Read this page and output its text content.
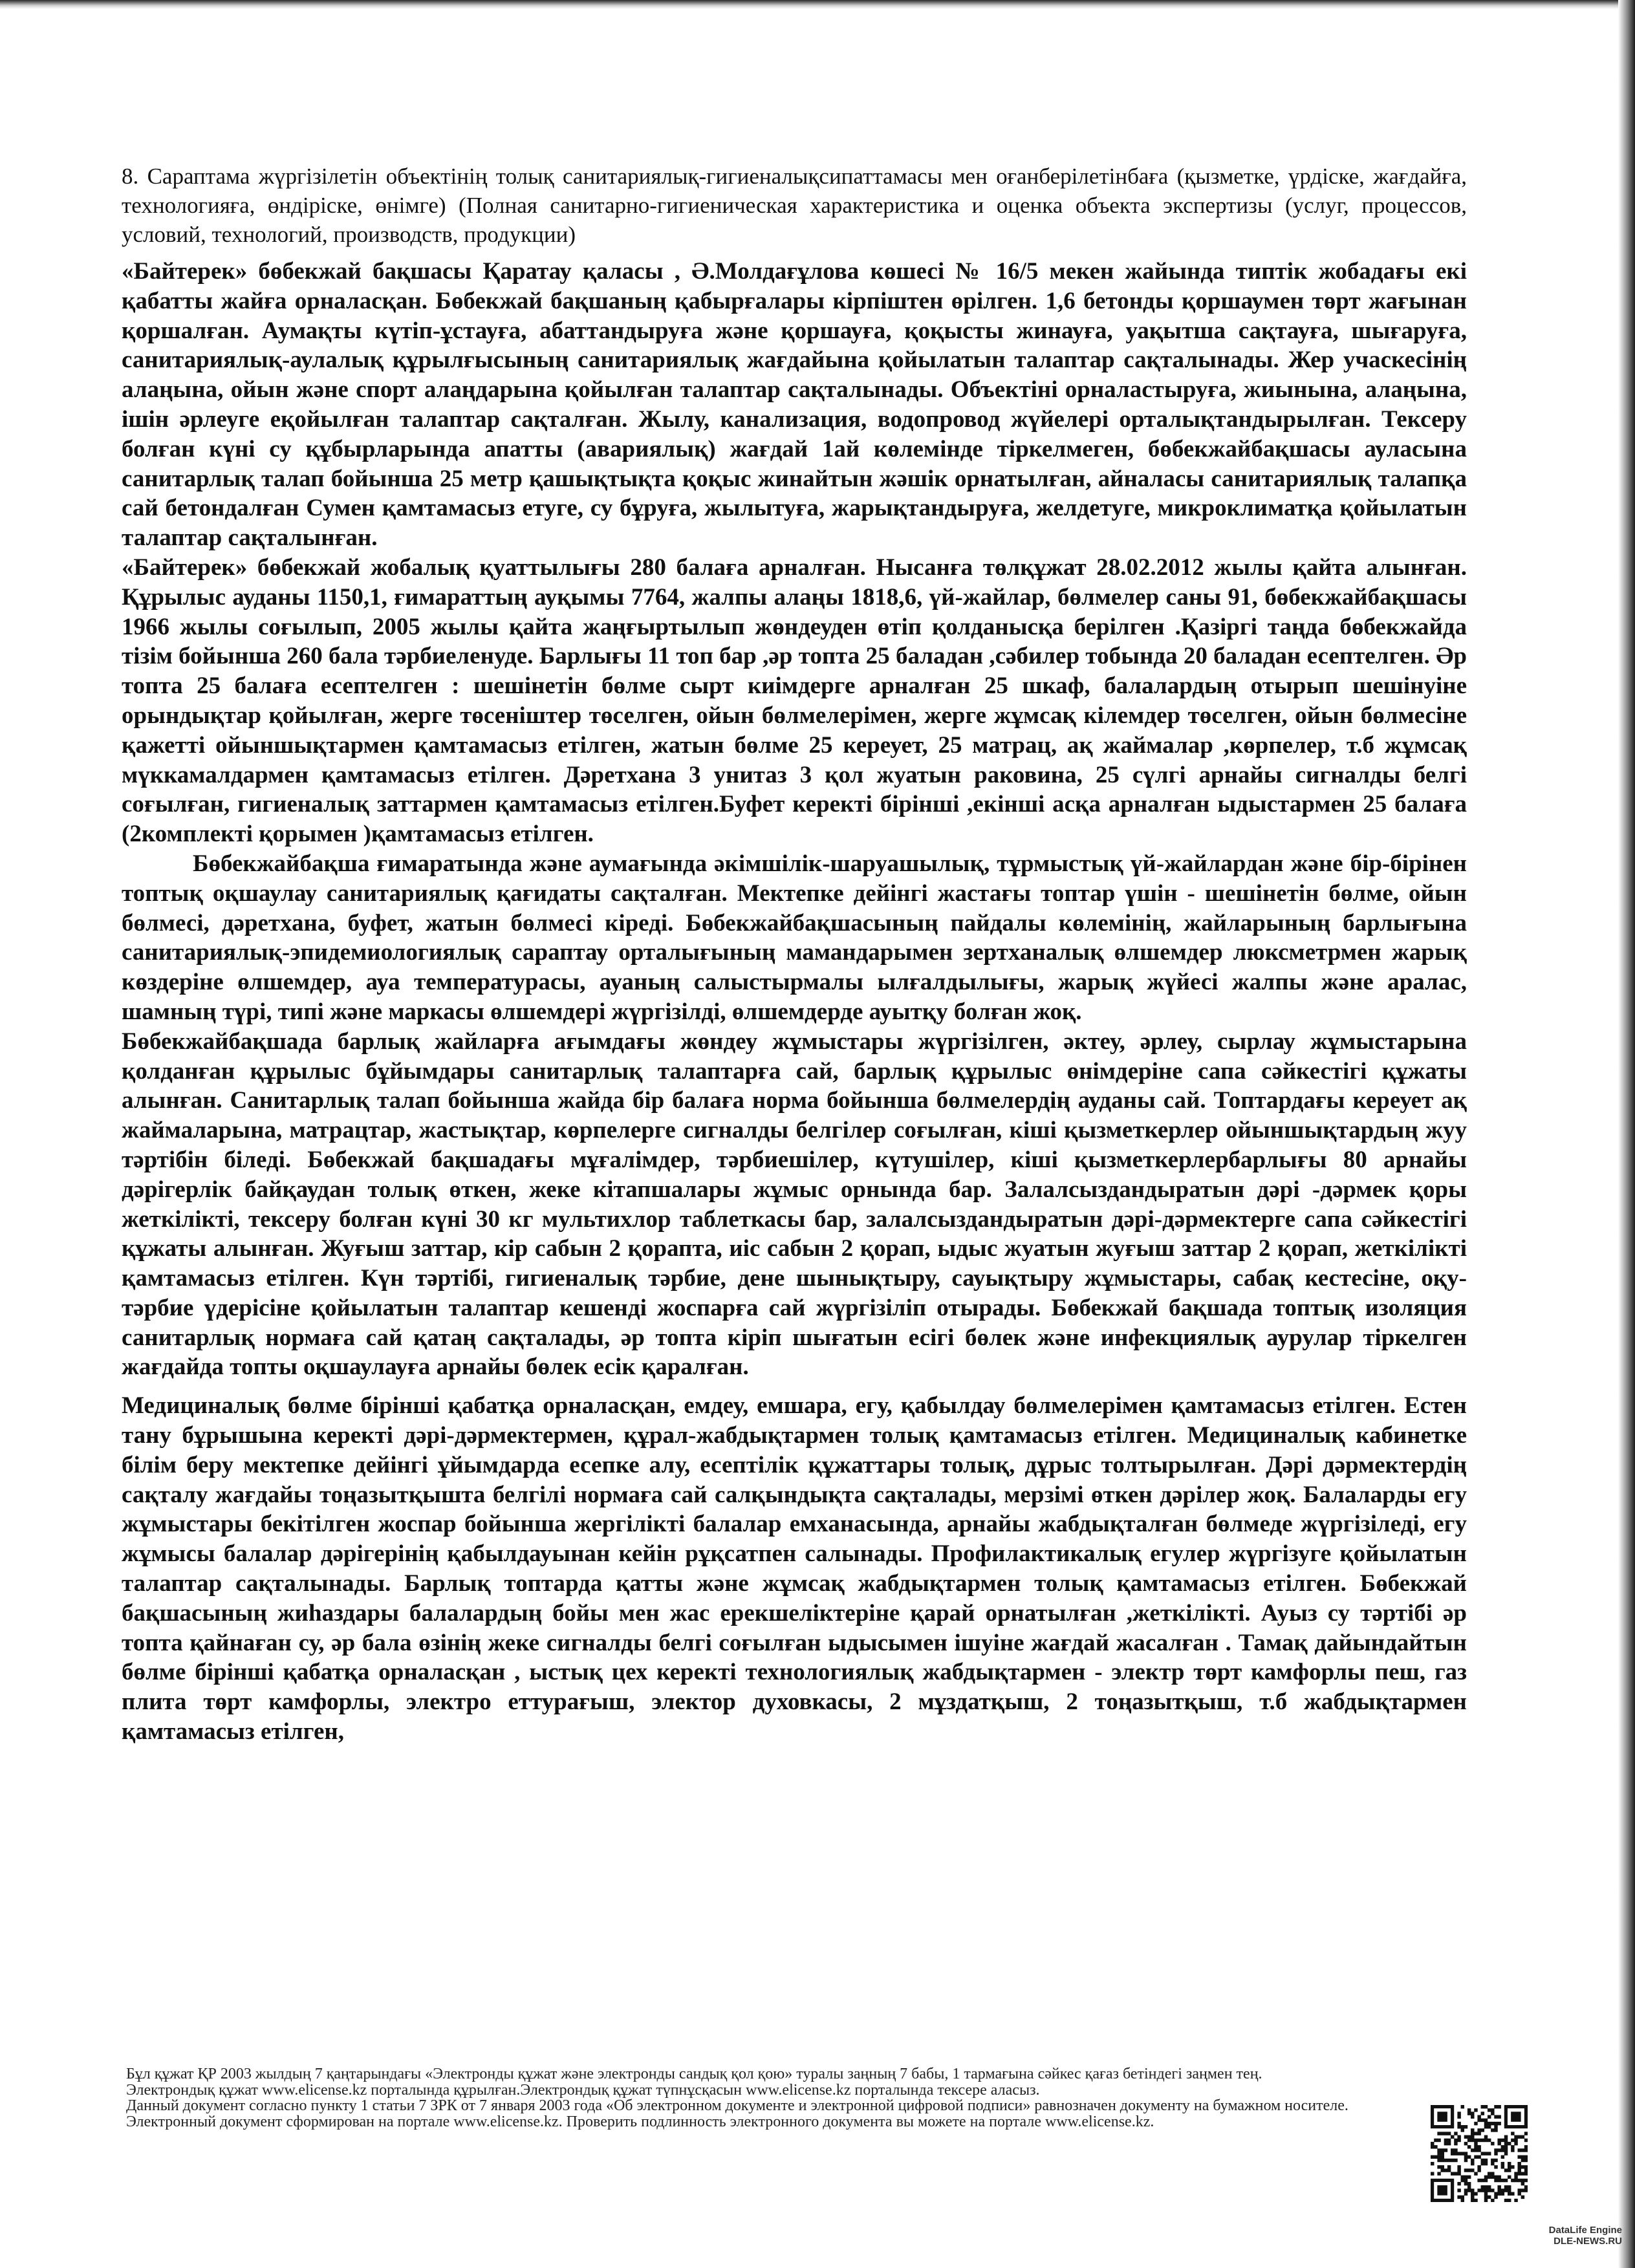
8. Сараптама жүргізілетін объектінің толық санитариялық-гигиеналықсипаттамасы мен оғанберілетінбаға (қызметке, үрдіске, жағдайға, технологияға, өндіріске, өнімге) (Полная санитарно-гигиеническая характеристика и оценка объекта экспертизы (услуг, процессов, условий, технологий, производств, продукции)

«Байтерек» бөбекжай бақшасы Қаратау қаласы , Ә.Молдағұлова көшесі № 16/5 мекен жайында типтік жобадағы екі қабатты жайға орналасқан. Бөбекжай бақшаның қабырғалары кірпіштен өрілген. 1,6 бетонды қоршаумен төрт жағынан қоршалған. Аумақты күтіп-ұстауға, абаттандыруға және қоршауға, қоқысты жинауға, уақытша сақтауға, шығаруға, санитариялық-аулалық құрылғысының санитариялық жағдайына қойылатын талаптар сақталынады. Жер учаскесінің алаңына, ойын және спорт алаңдарына қойылған талаптар сақталынады. Объектіні орналастыруға, жиынына, алаңына, ішін әрлеуге еқойылған талаптар сақталған. Жылу, канализация, водопровод жүйелері орталықтандырылған. Тексеру болған күні су құбырларында апатты (авариялық) жағдай 1ай көлемінде тіркелмеген, бөбекжайбақшасы ауласына санитарлық талап бойынша 25 метр қашықтықта қоқыс жинайтын жәшік орнатылған, айналасы санитариялық талапқа сай бетондалған Сумен қамтамасыз етуге, су бұруға, жылытуға, жарықтандыруға, желдетуге, микроклиматқа қойылатын талаптар сақталынған.

«Байтерек» бөбекжай жобалық қуаттылығы 280 балаға арналған. Нысанға төлқұжат 28.02.2012 жылы қайта алынған. Құрылыс ауданы 1150,1, ғимараттың ауқымы 7764, жалпы алаңы 1818,6, үй-жайлар, бөлмелер саны 91, бөбекжайбақшасы 1966 жылы соғылып, 2005 жылы қайта жаңғыртылып жөндеуден өтіп қолданысқа берілген .Қазіргі таңда бөбекжайда тізім бойынша 260 бала тәрбиеленуде. Барлығы 11 топ бар ,әр топта 25 баладан ,сәбилер тобында 20 баладан есептелген. Әр топта 25 балаға есептелген : шешінетін бөлме сырт киімдерге арналған 25 шкаф, балалардың отырып шешінуіне орындықтар қойылған, жерге төсеніштер төселген, ойын бөлмелерімен, жерге жұмсақ кілемдер төселген, ойын бөлмесіне қажетті ойыншықтармен қамтамасыз етілген, жатын бөлме 25 кереует, 25 матрац, ақ жаймалар ,көрпелер, т.б жұмсақ мүккамалдармен қамтамасыз етілген. Дәретхана 3 унитаз 3 қол жуатын раковина, 25 сүлгі арнайы сигналды белгі соғылған, гигиеналық заттармен қамтамасыз етілген.Буфет керекті бірінші ,екінші асқа арналған ыдыстармен 25 балаға (2комплекті қорымен )қамтамасыз етілген.

Бөбекжайбақша ғимаратында және аумағында әкімшілік-шаруашылық, тұрмыстық үй-жайлардан және бір-бірінен топтық оқшаулау санитариялық қағидаты сақталған. Мектепке дейінгі жастағы топтар үшін - шешінетін бөлме, ойын бөлмесі, дәретхана, буфет, жатын бөлмесі кіреді. Бөбекжайбақшасының пайдалы көлемінің, жайларының барлығына санитариялық-эпидемиологиялық сараптау орталығының мамандарымен зертханалық өлшемдер люксметрмен жарық көздеріне өлшемдер, ауа температурасы, ауаның салыстырмалы ылғалдылығы, жарық жүйесі жалпы және аралас, шамның түрі, типі және маркасы өлшемдері жүргізілді, өлшемдерде ауытқу болған жоқ.

Бөбекжайбақшада барлық жайларға ағымдағы жөндеу жұмыстары жүргізілген, әктеу, әрлеу, сырлау жұмыстарына қолданған құрылыс бұйымдары санитарлық талаптарға сай, барлық құрылыс өнімдеріне сапа сәйкестігі құжаты алынған. Санитарлық талап бойынша жайда бір балаға норма бойынша бөлмелердің ауданы сай. Топтардағы кереует ақ жаймаларына, матрацтар, жастықтар, көрпелерге сигналды белгілер соғылған, кіші қызметкерлер ойыншықтардың жуу тәртібін біледі. Бөбекжай бақшадағы мұғалімдер, тәрбиешілер, күтушілер, кіші қызметкерлербарлығы 80 арнайы дәрігерлік байқаудан толық өткен, жеке кітапшалары жұмыс орнында бар. Залалсыздандыратын дәрі -дәрмек қоры жеткілікті, тексеру болған күні 30 кг мультихлор таблеткасы бар, залалсыздандыратын дәрі-дәрмектерге сапа сәйкестігі құжаты алынған. Жуғыш заттар, кір сабын 2 қорапта, иіс сабын 2 қорап, ыдыс жуатын жуғыш заттар 2 қорап, жеткілікті қамтамасыз етілген. Күн тәртібі, гигиеналық тәрбие, дене шынықтыру, сауықтыру жұмыстары, сабақ кестесіне, оқу-тәрбие үдерісіне қойылатын талаптар кешенді жоспарға сай жүргізіліп отырады. Бөбекжай бақшада топтық изоляция санитарлық нормаға сай қатаң сақталады, әр топта кіріп шығатын есігі бөлек және инфекциялық аурулар тіркелген жағдайда топты оқшаулауға арнайы бөлек есік қаралған.

Медициналық бөлме бірінші қабатқа орналасқан, емдеу, емшара, егу, қабылдау бөлмелерімен қамтамасыз етілген. Естен тану бұрышына керекті дәрі-дәрмектермен, құрал-жабдықтармен толық қамтамасыз етілген. Медициналық кабинетке білім беру мектепке дейінгі ұйымдарда есепке алу, есептілік құжаттары толық, дұрыс толтырылған. Дәрі дәрмектердің сақталу жағдайы тоңазытқышта белгілі нормаға сай салқындықта сақталады, мерзімі өткен дәрілер жоқ. Балаларды егу жұмыстары бекітілген жоспар бойынша жергілікті балалар емханасында, арнайы жабдықталған бөлмеде жүргізіледі, егу жұмысы балалар дәрігерінің қабылдауынан кейін рұқсатпен салынады. Профилактикалық егулер жүргізуге қойылатын талаптар сақталынады. Барлық топтарда қатты және жұмсақ жабдықтармен толық қамтамасыз етілген. Бөбекжай бақшасының жиһаздары балалардың бойы мен жас ерекшеліктеріне қарай орнатылған ,жеткілікті. Ауыз су тәртібі әр топта қайнаған су, әр бала өзінің жеке сигналды белгі соғылған ыдысымен ішуіне жағдай жасалған . Тамақ дайындайтын бөлме бірінші қабатқа орналасқан , ыстық цех керекті технологиялық жабдықтармен - электр төрт камфорлы пеш, газ плита төрт камфорлы, электро еттурағыш, электор духовкасы, 2 мұздатқыш, 2 тоңазытқыш, т.б жабдықтармен қамтамасыз етілген,

Бұл құжат ҚР 2003 жылдың 7 қаңтарындағы «Электронды құжат және электронды сандық қол қою» туралы заңның 7 бабы, 1 тармағына сәйкес қағаз бетіндегі заңмен тең.

Электрондық құжат www.elicense.kz порталында құрылған.Электрондық құжат түпнұсқасын www.elicense.kz порталында тексере аласыз.

Данный документ согласно пункту 1 статьи 7 ЗРК от 7 января 2003 года «Об электронном документе и электронной цифровой подписи» равнозначен документу на бумажном носителе. Электронный документ сформирован на портале www.elicense.kz. Проверить подлинность электронного документа вы можете на портале www.elicense.kz.

DataLife Engine
DLE-NEWS.RU
